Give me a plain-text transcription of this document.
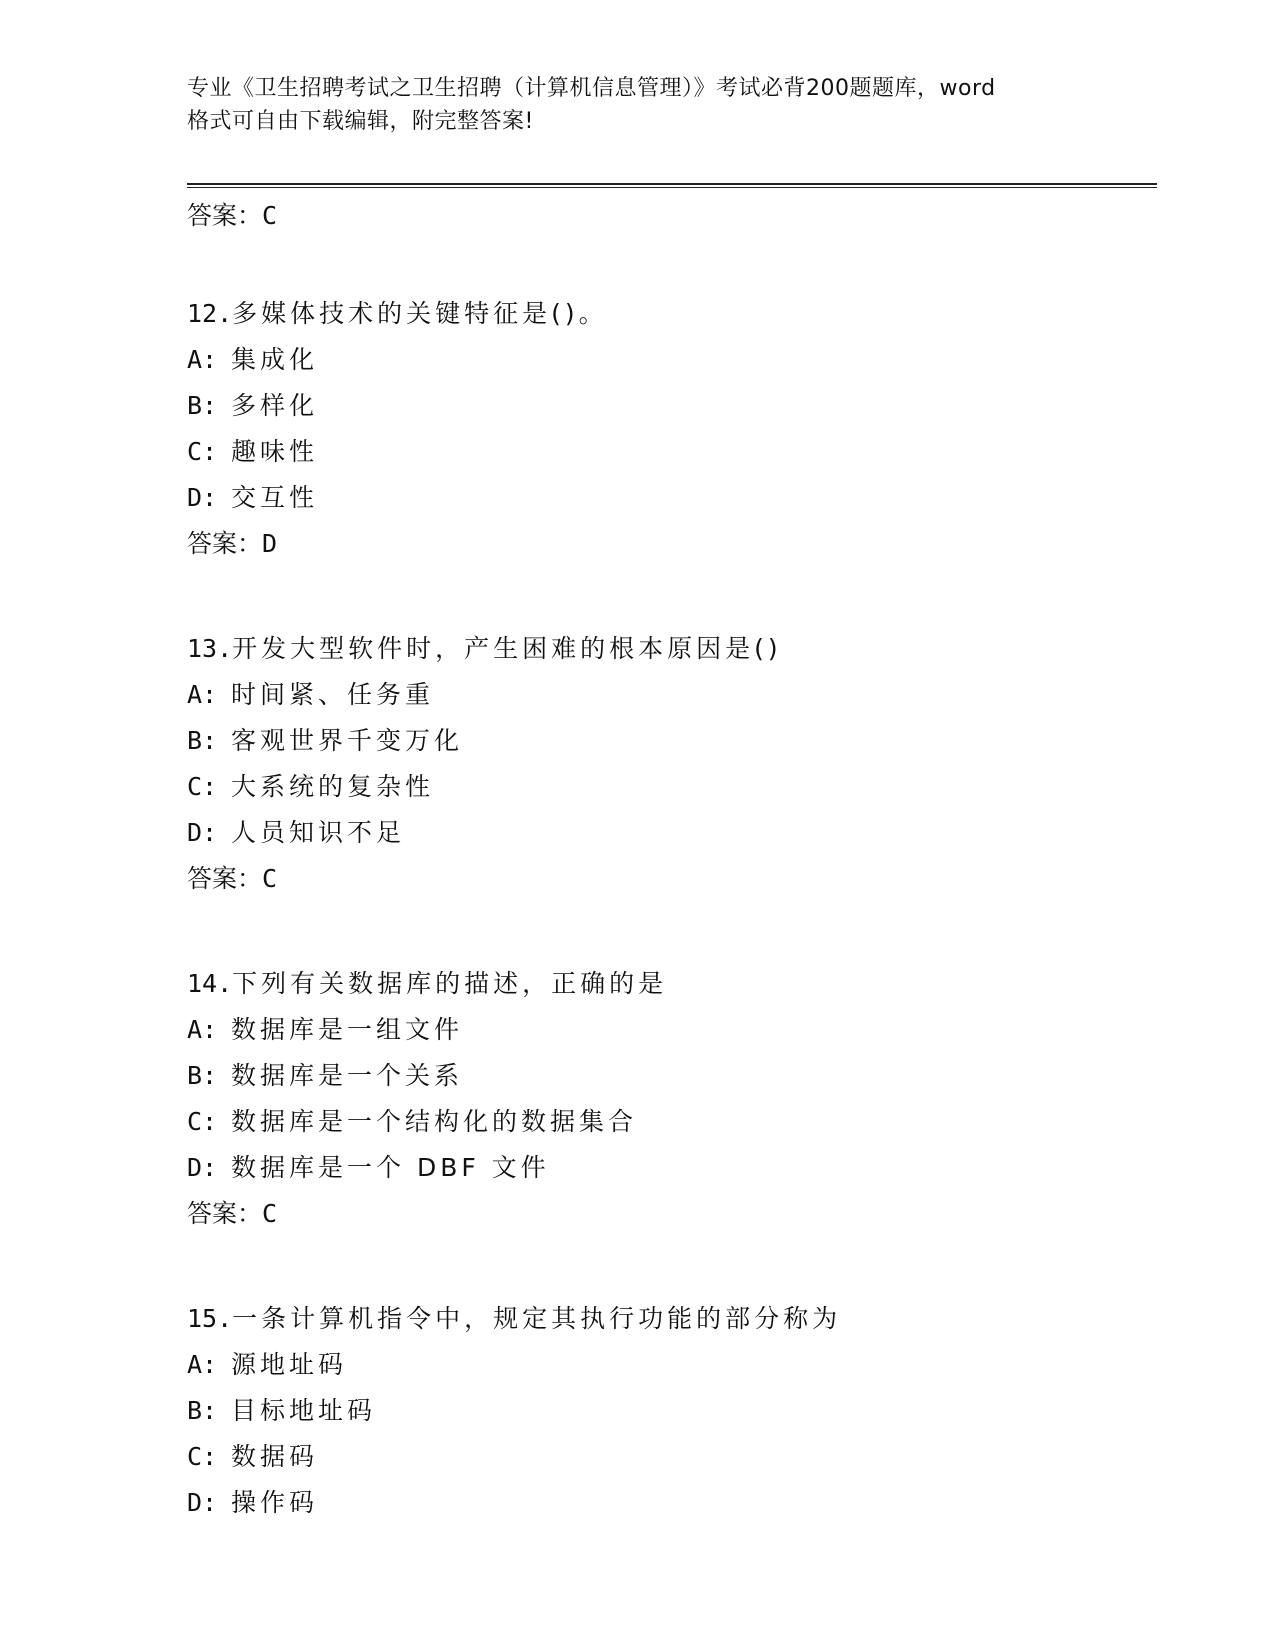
专业《卫生招聘考试之卫生招聘（计算机信息管理）》考试必背200题题库，word
格式可自由下载编辑，附完整答案!

答案：C
12.多媒体技术的关键特征是()。
A: 集成化
B: 多样化
C: 趣味性
D: 交互性
答案：D
13.开发大型软件时，产生困难的根本原因是()
A: 时间紧、任务重
B: 客观世界千变万化
C: 大系统的复杂性
D: 人员知识不足
答案：C
14.下列有关数据库的描述，正确的是
A: 数据库是一组文件
B: 数据库是一个关系
C: 数据库是一个结构化的数据集合
D: 数据库是一个 DBF 文件
答案：C
15.一条计算机指令中，规定其执行功能的部分称为
A: 源地址码
B: 目标地址码
C: 数据码
D: 操作码
